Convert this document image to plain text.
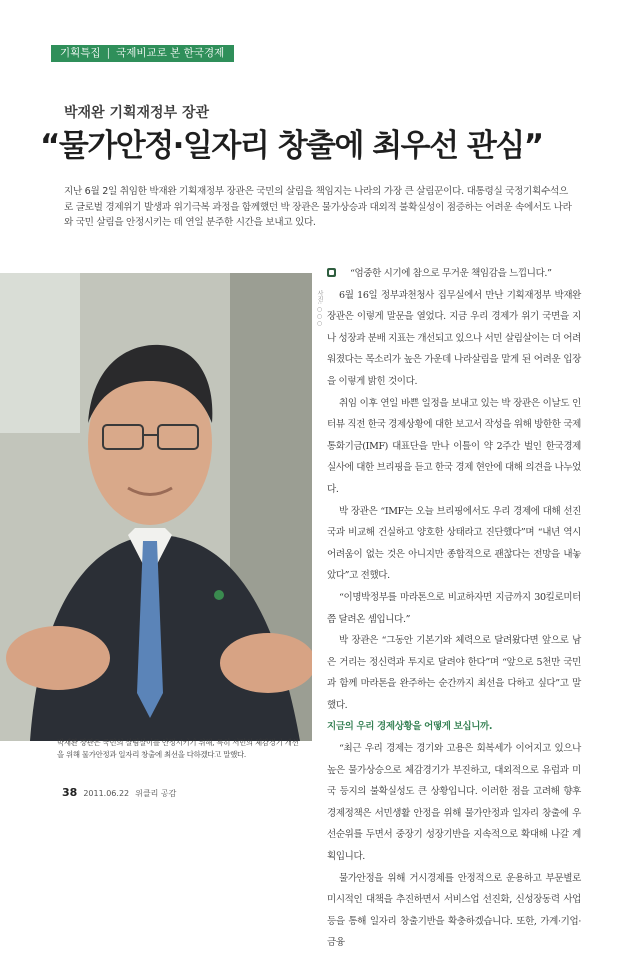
기획특집 | 국제비교로 본 한국경제
박재완 기획재정부 장관
“물가안정·일자리 창출에 최우선 관심”
지난 6월 2일 취임한 박재완 기획재정부 장관은 국민의 살림을 책임지는 나라의 가장 큰 살림꾼이다. 대통령실 국정기획수석으로 글로벌 경제위기 발생과 위기극복 과정을 함께했던 박 장관은 물가상승과 대외적 불확실성이 점증하는 어려운 속에서도 나라와 국민 살림을 안정시키는 데 연일 분주한 시간을 보내고 있다.
사진: ○○○
박재완 장관은 국민의 살림살이를 안정시키기 위해, 특히 서민의 체감경기 개선을 위해 물가안정과 일자리 창출에 최선을 다하겠다고 말했다.

“엄중한 시기에 참으로 무거운 책임감을 느낍니다.”

6월 16일 정부과천청사 집무실에서 만난 기획재정부 박재완 장관은 이렇게 말문을 열었다. 지금 우리 경제가 위기 국면을 지나 성장과 분배 지표는 개선되고 있으나 서민 살림살이는 더 어려워졌다는 목소리가 높은 가운데 나라살림을 맡게 된 어려운 입장을 이렇게 밝힌 것이다.

취임 이후 연일 바쁜 일정을 보내고 있는 박 장관은 이날도 인터뷰 직전 한국 경제상황에 대한 보고서 작성을 위해 방한한 국제통화기금(IMF) 대표단을 만나 이틀이 약 2주간 벌인 한국경제 실사에 대한 브리핑을 듣고 한국 경제 현안에 대해 의견을 나누었다.

박 장관은 “IMF는 오늘 브리핑에서도 우리 경제에 대해 선진국과 비교해 건실하고 양호한 상태라고 진단했다”며 “내년 역시 어려움이 없는 것은 아니지만 종합적으로 괜찮다는 전망을 내놓았다”고 전했다.

“이명박정부를 마라톤으로 비교하자면 지금까지 30킬로미터쯤 달려온 셈입니다.”

박 장관은 “그동안 기본기와 체력으로 달려왔다면 앞으로 남은 거리는 정신력과 투지로 달려야 한다”며 “앞으로 5천만 국민과 함께 마라톤을 완주하는 순간까지 최선을 다하고 싶다”고 말했다.

지금의 우리 경제상황을 어떻게 보십니까.

“최근 우리 경제는 경기와 고용은 회복세가 이어지고 있으나 높은 물가상승으로 체감경기가 부진하고, 대외적으로 유럽과 미국 등지의 불확실성도 큰 상황입니다. 이러한 점을 고려해 향후 경제정책은 서민생활 안정을 위해 물가안정과 일자리 창출에 우선순위를 두면서 중장기 성장기반을 지속적으로 확대해 나갈 계획입니다.

물가안정을 위해 거시경제를 안정적으로 운용하고 부문별로 미시적인 대책을 추진하면서 서비스업 선진화, 신성장동력 사업 등을 통해 일자리 창출기반을 확충하겠습니다. 또한, 가계·기업·금융

38 2011.06.22 위클리 공감
